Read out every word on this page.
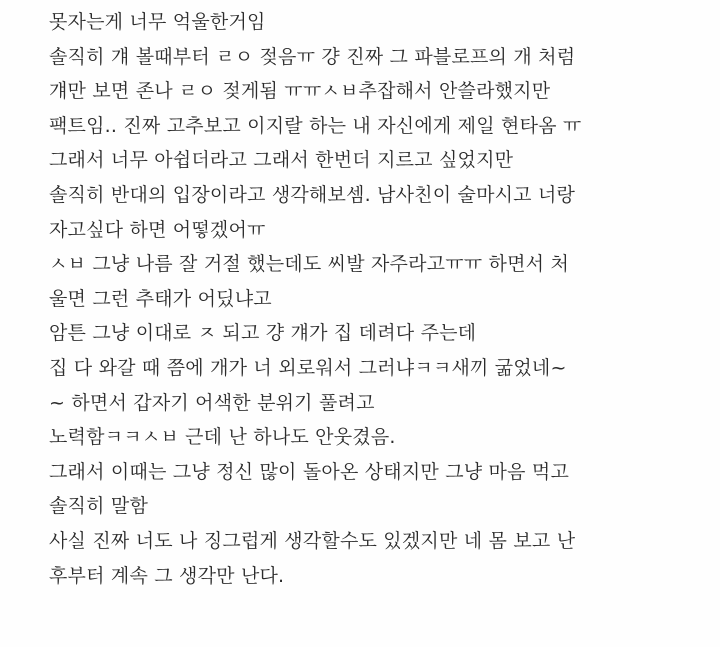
못자는게 너무 억울한거임
솔직히 걔 볼때부터 ㄹㅇ 젖음ㅠ 걍 진짜 그 파블로프의 개 처럼
걔만 보면 존나 ㄹㅇ 젖게됨 ㅠㅠㅅㅂ추잡해서 안쓸라했지만
팩트임.. 진짜 고추보고 이지랄 하는 내 자신에게 제일 현타옴 ㅠ
그래서 너무 아쉽더라고 그래서 한번더 지르고 싶었지만
솔직히 반대의 입장이라고 생각해보셈. 남사친이 술마시고 너랑
자고싶다 하면 어떻겠어ㅠ
ㅅㅂ 그냥 나름 잘 거절 했는데도 씨발 자주라고ㅠㅠ 하면서 처
울면 그런 추태가 어딨냐고
암튼 그냥 이대로 ㅈ 되고 걍 걔가 집 데려다 주는데
집 다 와갈 때 쯤에 개가 너 외로워서 그러냐ㅋㅋ새끼 굶었네~
~ 하면서 갑자기 어색한 분위기 풀려고
노력함ㅋㅋㅅㅂ 근데 난 하나도 안웃겼음.
그래서 이때는 그냥 정신 많이 돌아온 상태지만 그냥 마음 먹고
솔직히 말함
사실 진짜 너도 나 징그럽게 생각할수도 있겠지만 네 몸 보고 난
후부터 계속 그 생각만 난다.
